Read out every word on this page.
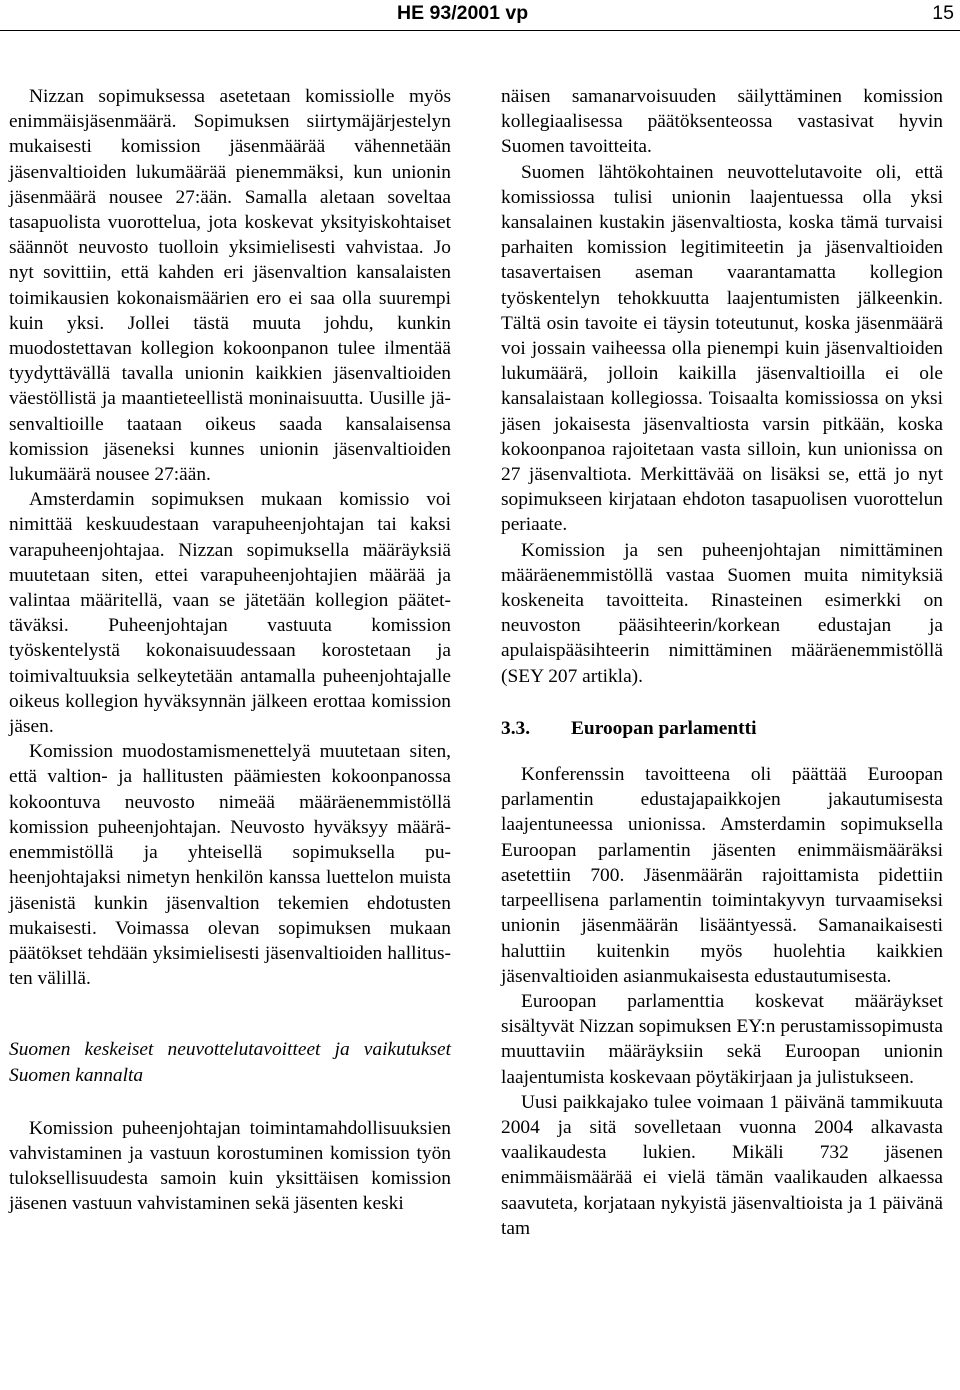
HE 93/2001 vp	15

Nizzan sopimuksessa asetetaan komissiolle myös enimmäisjäsenmäärä. Sopimuksen siirtymäjärjestelyn mukaisesti komission jäsenmäärää vähennetään jäsenvaltioiden lukumäärää pienemmäksi, kun unionin jäsenmäärä nousee 27:ään. Samalla aletaan soveltaa tasapuolista vuorottelua, jota koskevat yksityiskohtaiset säännöt neuvosto tuolloin yksimielisesti vahvistaa. Jo nyt sovittiin, että kahden eri jäsenvaltion kansalaisten toimikausien kokonaismäärien ero ei saa olla suurempi kuin yksi. Jollei tästä muuta johdu, kunkin muodostettavan kollegion kokoonpanon tulee ilmentää tyydyttävällä tavalla unionin kaikkien jäsenvaltioiden väestöllistä ja maantieteellistä moninaisuutta. Uusille jäsenvaltioille taataan oikeus saada kansalaisensa komission jäseneksi kunnes unionin jäsenvaltioiden lukumäärä nousee 27:ään.

Amsterdamin sopimuksen mukaan komissio voi nimittää keskuudestaan varapuheenjohtajan tai kaksi varapuheenjohtajaa. Nizzan sopimuksella määräyksiä muutetaan siten, ettei varapuheenjohtajien määrää ja valintaa määritellä, vaan se jätetään kollegion päätettäväksi. Puheenjohtajan vastuuta komission työskentelystä kokonaisuudessaan korostetaan ja toimivaltuuksia selkeytetään antamalla puheenjohtajalle oikeus kollegion hyväksynnän jälkeen erottaa komission jäsen.

Komission muodostamismenettelyä muutetaan siten, että valtion- ja hallitusten päämiesten kokoonpanossa kokoontuva neuvosto nimeää määräenemmistöllä komission puheenjohtajan. Neuvosto hyväksyy määräenemmistöllä ja yhteisellä sopimuksella puheenjohtajaksi nimetyn henkilön kanssa luettelon muista jäsenistä kunkin jäsenvaltion tekemien ehdotusten mukaisesti. Voimassa olevan sopimuksen mukaan päätökset tehdään yksimielisesti jäsenvaltioiden hallitusten välillä.

Suomen keskeiset neuvottelutavoitteet ja vaikutukset Suomen kannalta

Komission puheenjohtajan toimintamahdollisuuksien vahvistaminen ja vastuun korostuminen komission työn tuloksellisuudesta samoin kuin yksittäisen komission jäsenen vastuun vahvistaminen sekä jäsenten keski

näisen samanarvoisuuden säilyttäminen komission kollegiaalisessa päätöksenteossa vastasivat hyvin Suomen tavoitteita.

Suomen lähtökohtainen neuvottelutavoite oli, että komissiossa tulisi unionin laajentuessa olla yksi kansalainen kustakin jäsenvaltiosta, koska tämä turvaisi parhaiten komission legitimiteetin ja jäsenvaltioiden tasavertaisen aseman vaarantamatta kollegion työskentelyn tehokkuutta laajentumisten jälkeenkin. Tältä osin tavoite ei täysin toteutunut, koska jäsenmäärä voi jossain vaiheessa olla pienempi kuin jäsenvaltioiden lukumäärä, jolloin kaikilla jäsenvaltioilla ei ole kansalaistaan kollegiossa. Toisaalta komissiossa on yksi jäsen jokaisesta jäsenvaltiosta varsin pitkään, koska kokoonpanoa rajoitetaan vasta silloin, kun unionissa on 27 jäsenvaltiota. Merkittävää on lisäksi se, että jo nyt sopimukseen kirjataan ehdoton tasapuolisen vuorottelun periaate.

Komission ja sen puheenjohtajan nimittäminen määräenemmistöllä vastaa Suomen muita nimityksiä koskeneita tavoitteita. Rinasteinen esimerkki on neuvoston pääsihteerin/korkean edustajan ja apulaispääsihteerin nimittäminen määräenemmistöllä (SEY 207 artikla).

3.3. Euroopan parlamentti

Konferenssin tavoitteena oli päättää Euroopan parlamentin edustajapaikkojen jakautumisesta laajentuneessa unionissa. Amsterdamin sopimuksella Euroopan parlamentin jäsenten enimmäismääräksi asetettiin 700. Jäsenmäärän rajoittamista pidettiin tarpeellisena parlamentin toimintakyvyn turvaamiseksi unionin jäsenmäärän lisääntyessä. Samanaikaisesti haluttiin kuitenkin myös huolehtia kaikkien jäsenvaltioiden asianmukaisesta edustautumisesta.

Euroopan parlamenttia koskevat määräykset sisältyvät Nizzan sopimuksen EY:n perustamissopimusta muuttaviin määräyksiin sekä Euroopan unionin laajentumista koskevaan pöytäkirjaan ja julistukseen.

Uusi paikkajako tulee voimaan 1 päivänä tammikuuta 2004 ja sitä sovelletaan vuonna 2004 alkavasta vaalikaudesta lukien. Mikäli 732 jäsenen enimmäismäärää ei vielä tämän vaalikauden alkaessa saavuteta, korjataan nykyistä jäsenvaltioista ja 1 päivänä tam
